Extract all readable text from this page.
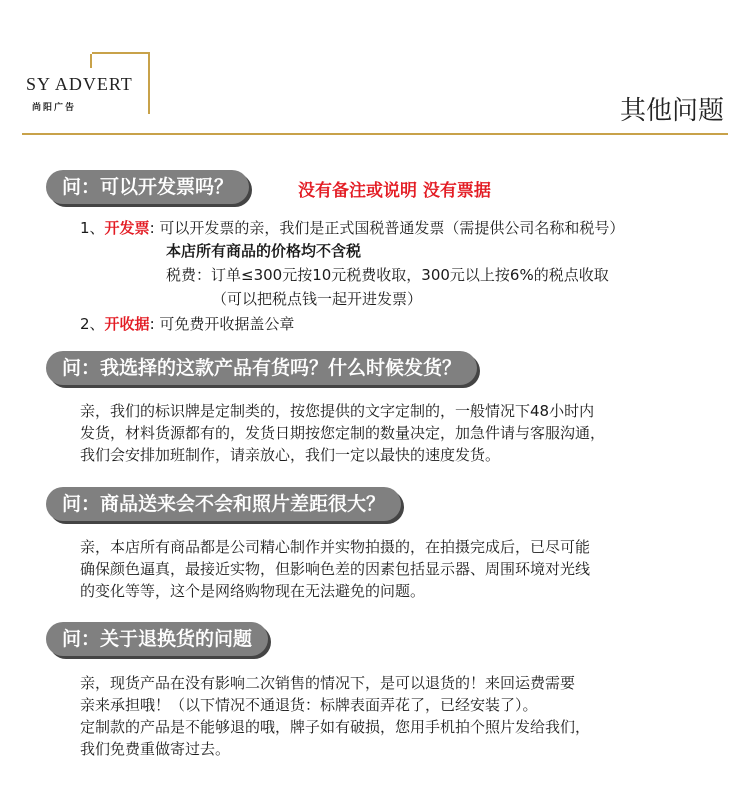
SY ADVERT
尚阳广告	其他问题
问：可以开发票吗？	没有备注或说明 没有票据
1、开发票: 可以开发票的亲，我们是正式国税普通发票（需提供公司名称和税号）
本店所有商品的价格均不含税
税费：订单≤300元按10元税费收取，300元以上按6%的税点收取
（可以把税点钱一起开进发票）
2、开收据: 可免费开收据盖公章
问：我选择的这款产品有货吗？什么时候发货？
亲，我们的标识牌是定制类的，按您提供的文字定制的，一般情况下48小时内
发货，材料货源都有的，发货日期按您定制的数量决定，加急件请与客服沟通，
我们会安排加班制作，请亲放心，我们一定以最快的速度发货。
问：商品送来会不会和照片差距很大？
亲，本店所有商品都是公司精心制作并实物拍摄的，在拍摄完成后，已尽可能
确保颜色逼真，最接近实物，但影响色差的因素包括显示器、周围环境对光线
的变化等等，这个是网络购物现在无法避免的问题。
问：关于退换货的问题
亲，现货产品在没有影响二次销售的情况下，是可以退货的！来回运费需要
亲来承担哦！（以下情况不通退货：标牌表面弄花了，已经安装了）。
定制款的产品是不能够退的哦，牌子如有破损，您用手机拍个照片发给我们，
我们免费重做寄过去。
